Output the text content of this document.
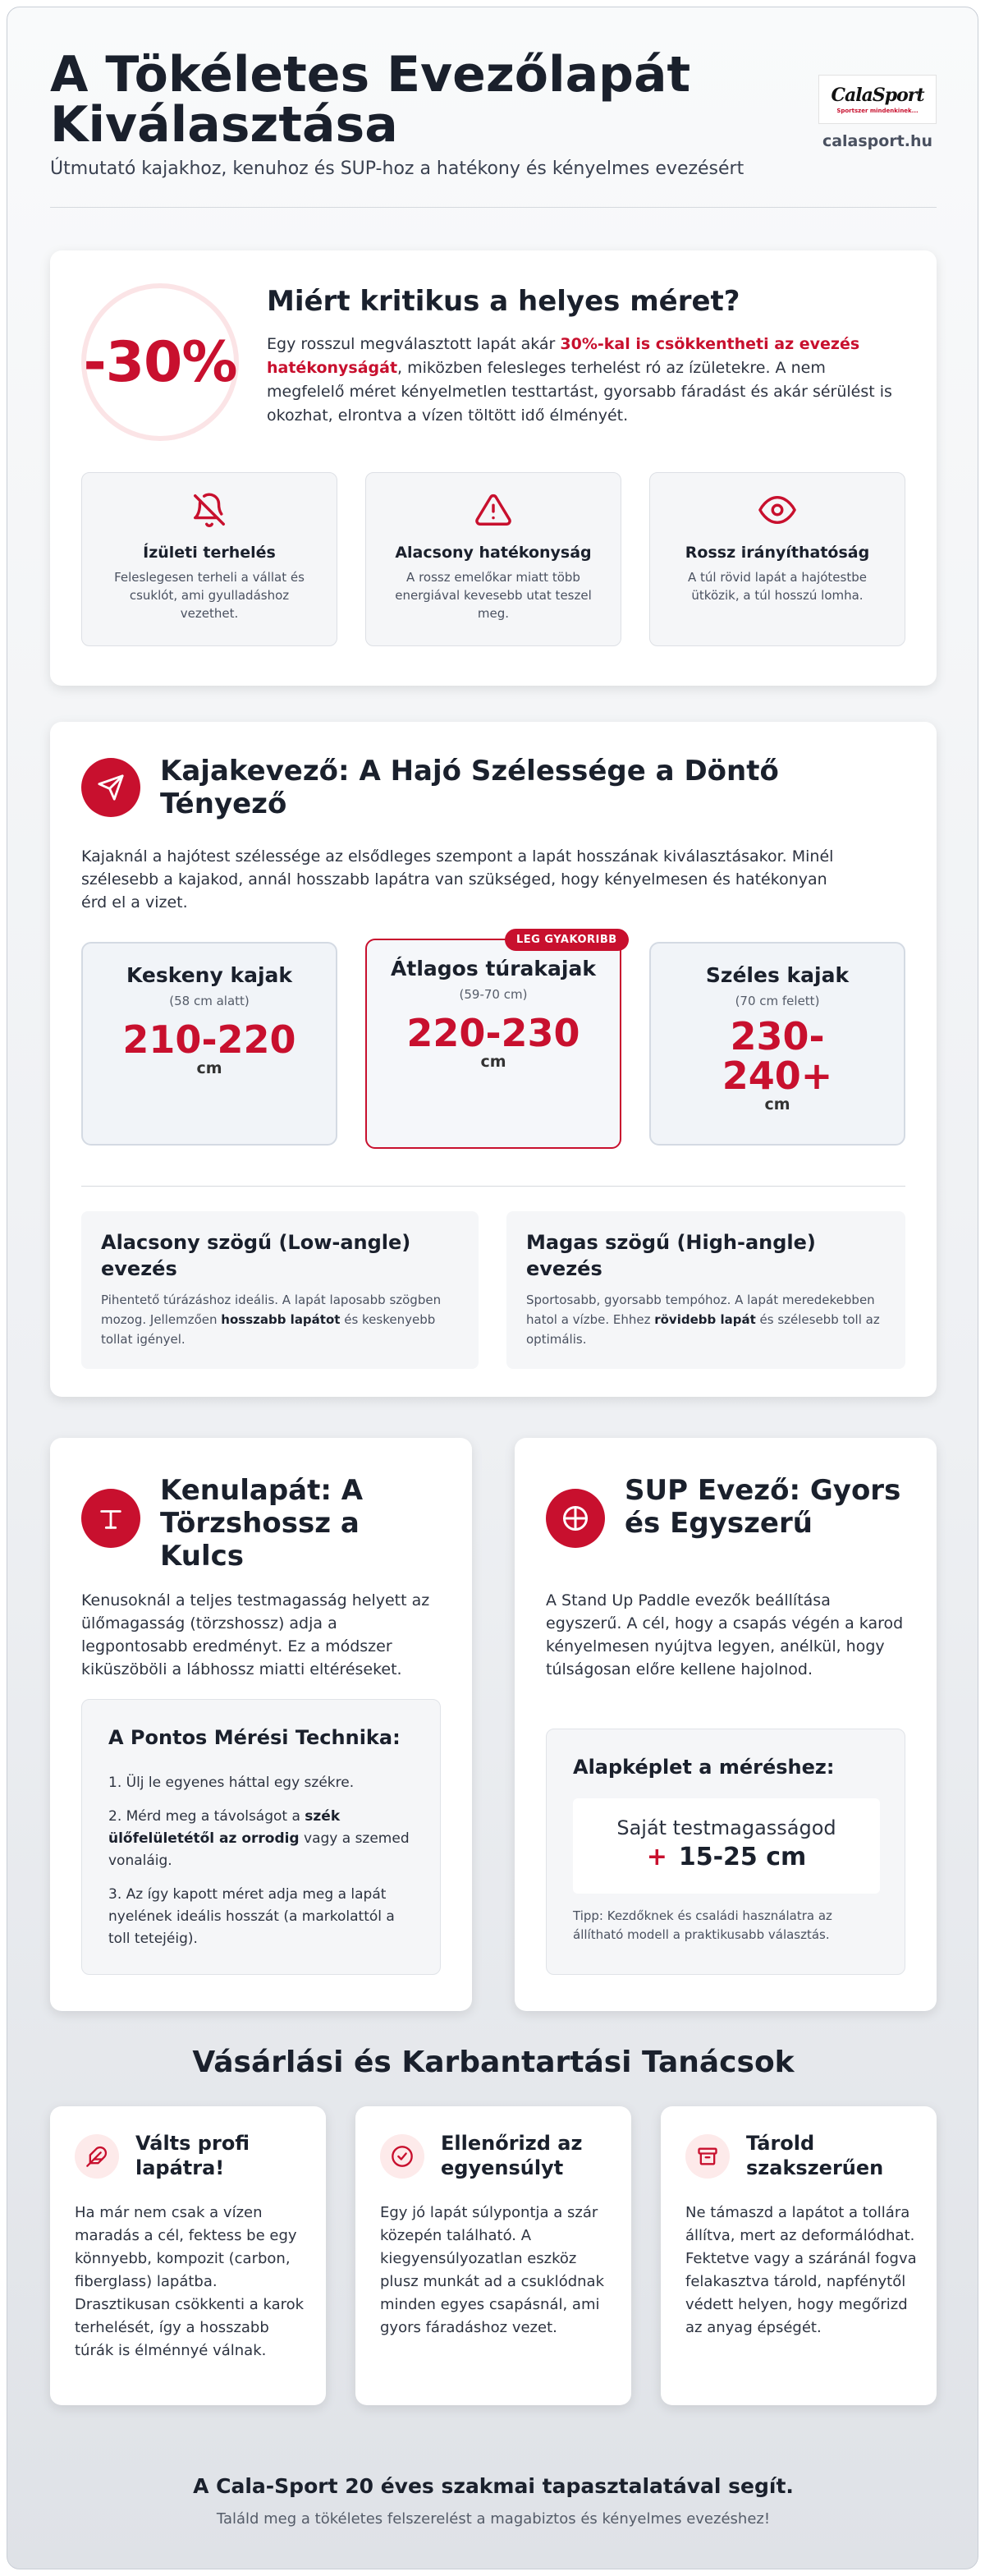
A Tökéletes Evezőlapát
Kiválasztása
Útmutató kajakhoz, kenuhoz és SUP-hoz a hatékony és kényelmes evezésért
CalaSport
Sportszer mindenkinek...
calasport.hu
-30%
Miért kritikus a helyes méret?
Egy rosszul megválasztott lapát akár 30%-kal is csökkentheti az evezés hatékonyságát, miközben felesleges terhelést ró az ízületekre. A nem megfelelő méret kényelmetlen testtartást, gyorsabb fáradást és akár sérülést is okozhat, elrontva a vízen töltött idő élményét.
Ízületi terhelés
Feleslegesen terheli a vállat és csuklót, ami gyulladáshoz vezethet.
Alacsony hatékonyság
A rossz emelőkar miatt több energiával kevesebb utat teszel meg.
Rossz irányíthatóság
A túl rövid lapát a hajótestbe ütközik, a túl hosszú lomha.
Kajakevező: A Hajó Szélessége a Döntő Tényező
Kajaknál a hajótest szélessége az elsődleges szempont a lapát hosszának kiválasztásakor. Minél szélesebb a kajakod, annál hosszabb lapátra van szükséged, hogy kényelmesen és hatékonyan érd el a vizet.
Keskeny kajak
(58 cm alatt)
210-220
cm
Átlagos túrakajak
(59-70 cm)
220-230
cm
LEG GYAKORIBB
Széles kajak
(70 cm felett)
230-
240+
cm
Alacsony szögű (Low-angle) evezés
Pihentető túrázáshoz ideális. A lapát laposabb szögben mozog. Jellemzően hosszabb lapátot és keskenyebb tollat igényel.
Magas szögű (High-angle) evezés
Sportosabb, gyorsabb tempóhoz. A lapát meredekebben hatol a vízbe. Ehhez rövidebb lapát és szélesebb toll az optimális.
Kenulapát: A Törzshossz a Kulcs
Kenusoknál a teljes testmagasság helyett az ülőmagasság (törzshossz) adja a legpontosabb eredményt. Ez a módszer kiküszöböli a lábhossz miatti eltéréseket.
A Pontos Mérési Technika:
1. Ülj le egyenes háttal egy székre.
2. Mérd meg a távolságot a szék ülőfelületétől az orrodig vagy a szemed vonaláig.
3. Az így kapott méret adja meg a lapát nyelének ideális hosszát (a markolattól a toll tetejéig).
SUP Evező: Gyors és Egyszerű
A Stand Up Paddle evezők beállítása egyszerű. A cél, hogy a csapás végén a karod kényelmesen nyújtva legyen, anélkül, hogy túlságosan előre kellene hajolnod.
Alapképlet a méréshez:
Saját testmagasságod
+ 15-25 cm
Tipp: Kezdőknek és családi használatra az állítható modell a praktikusabb választás.
Vásárlási és Karbantartási Tanácsok
Válts profi lapátra!
Ha már nem csak a vízen maradás a cél, fektess be egy könnyebb, kompozit (carbon, fiberglass) lapátba. Drasztikusan csökkenti a karok terhelését, így a hosszabb túrák is élménnyé válnak.
Ellenőrizd az egyensúlyt
Egy jó lapát súlypontja a szár közepén található. A kiegyensúlyozatlan eszköz plusz munkát ad a csuklódnak minden egyes csapásnál, ami gyors fáradáshoz vezet.
Tárold szakszerűen
Ne támaszd a lapátot a tollára állítva, mert az deformálódhat. Fektetve vagy a száránál fogva felakasztva tárold, napfénytől védett helyen, hogy megőrizd az anyag épségét.
A Cala-Sport 20 éves szakmai tapasztalatával segít.
Találd meg a tökéletes felszerelést a magabiztos és kényelmes evezéshez!
